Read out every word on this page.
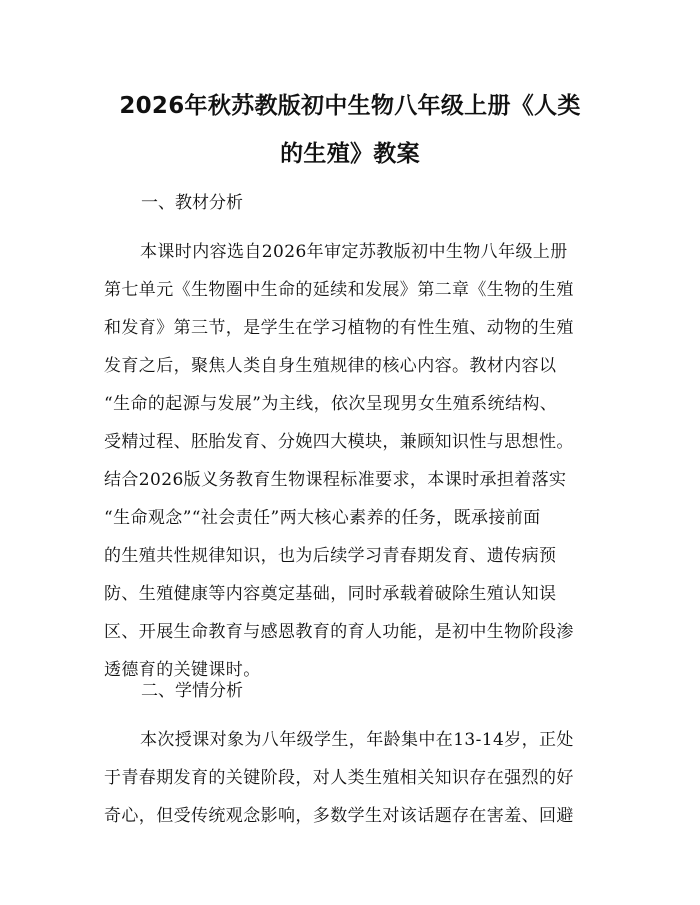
2026年秋苏教版初中生物八年级上册《人类
的生殖》教案
一、教材分析
本课时内容选自2026年审定苏教版初中生物八年级上册
第七单元《生物圈中生命的延续和发展》第二章《生物的生殖
和发育》第三节，是学生在学习植物的有性生殖、动物的生殖
发育之后，聚焦人类自身生殖规律的核心内容。教材内容以
“生命的起源与发展”为主线，依次呈现男女生殖系统结构、
受精过程、胚胎发育、分娩四大模块，兼顾知识性与思想性。
结合2026版义务教育生物课程标准要求，本课时承担着落实
“生命观念”“社会责任”两大核心素养的任务，既承接前面
的生殖共性规律知识，也为后续学习青春期发育、遗传病预
防、生殖健康等内容奠定基础，同时承载着破除生殖认知误
区、开展生命教育与感恩教育的育人功能，是初中生物阶段渗
透德育的关键课时。
二、学情分析
本次授课对象为八年级学生，年龄集中在13-14岁，正处
于青春期发育的关键阶段，对人类生殖相关知识存在强烈的好
奇心，但受传统观念影响，多数学生对该话题存在害羞、回避
